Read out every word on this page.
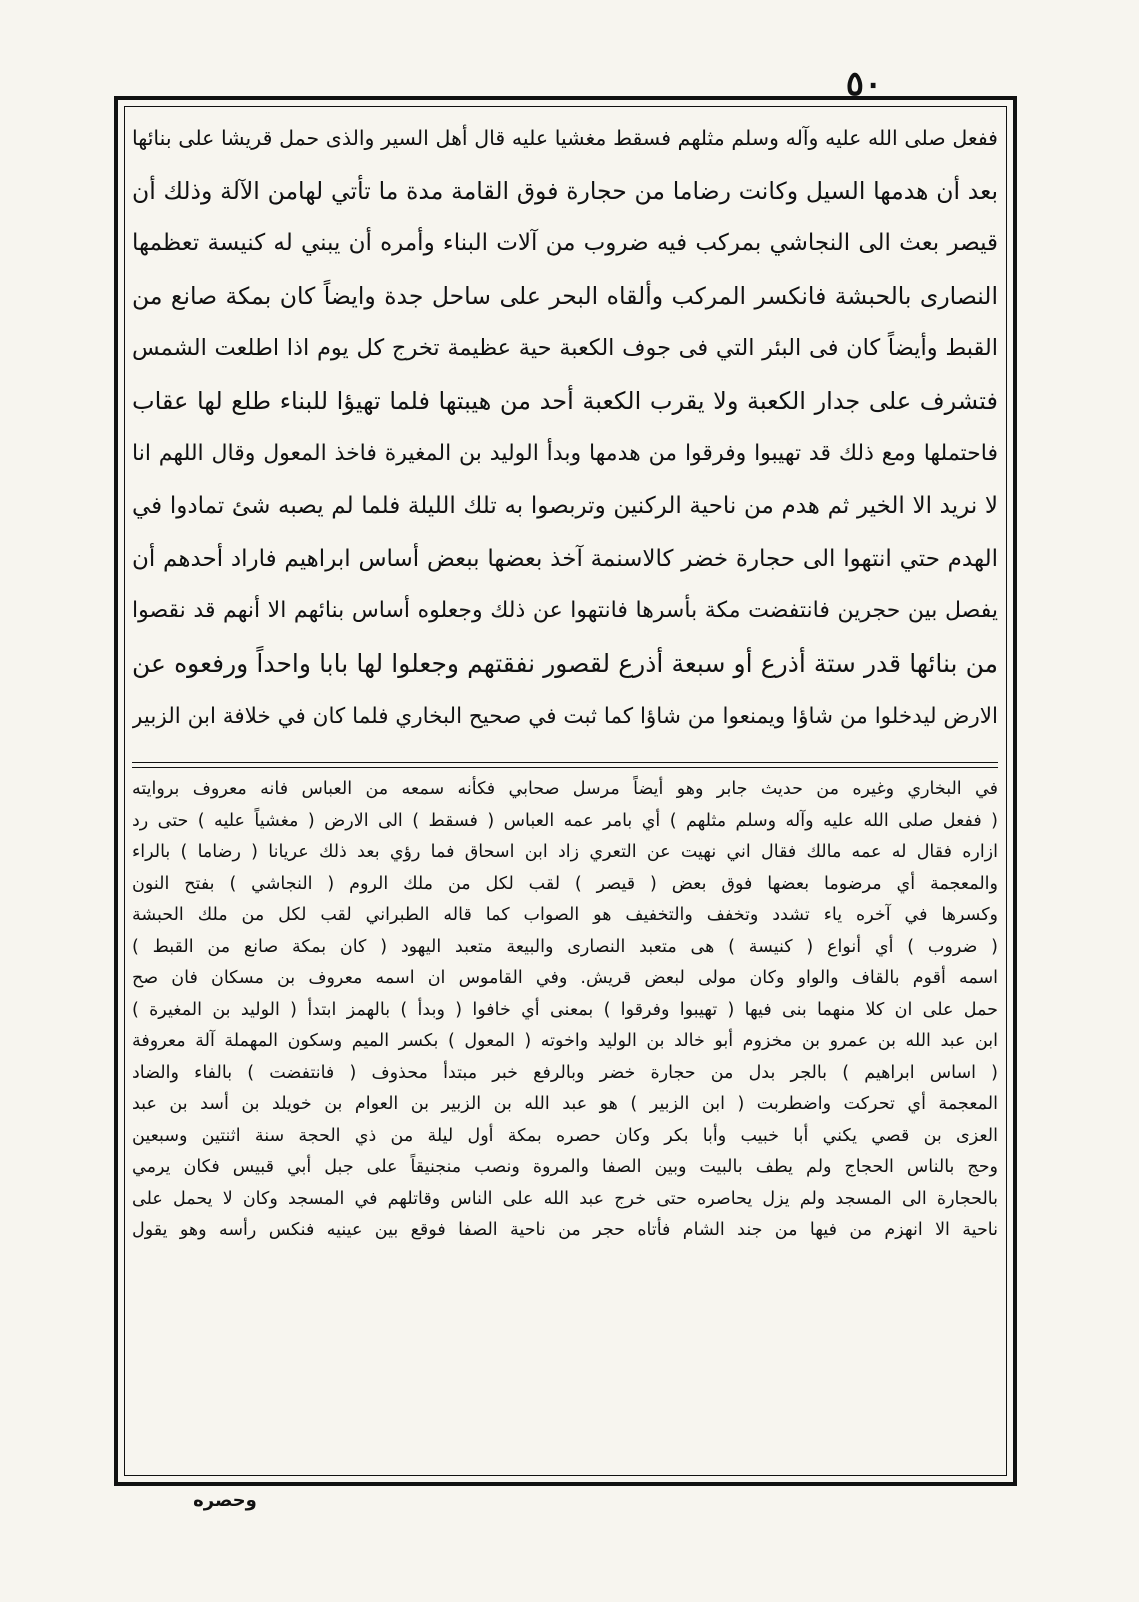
٥٠
ففعل صلى الله عليه وآله وسلم مثلهم فسقط مغشيا عليه قال أهل السير والذى حمل قريشا على بنائها
بعد أن هدمها السيل وكانت رضاما من حجارة فوق القامة مدة ما تأتي لهامن الآلة وذلك أن
قيصر بعث الى النجاشي بمركب فيه ضروب من آلات البناء وأمره أن يبني له كنيسة تعظمها
النصارى بالحبشة فانكسر المركب وألقاه البحر على ساحل جدة وايضاً كان بمكة صانع من
القبط وأيضاً كان فى البئر التي فى جوف الكعبة حية عظيمة تخرج كل يوم اذا اطلعت الشمس
فتشرف على جدار الكعبة ولا يقرب الكعبة أحد من هيبتها فلما تهيؤا للبناء طلع لها عقاب
فاحتملها ومع ذلك قد تهيبوا وفرقوا من هدمها وبدأ الوليد بن المغيرة فاخذ المعول وقال اللهم انا
لا نريد الا الخير ثم هدم من ناحية الركنين وتربصوا به تلك الليلة فلما لم يصبه شئ تمادوا في
الهدم حتي انتهوا الى حجارة خضر كالاسنمة آخذ بعضها ببعض أساس ابراهيم فاراد أحدهم أن
يفصل بين حجرين فانتفضت مكة بأسرها فانتهوا عن ذلك وجعلوه أساس بنائهم الا أنهم قد نقصوا
من بنائها قدر ستة أذرع أو سبعة أذرع لقصور نفقتهم وجعلوا لها بابا واحداً ورفعوه عن
الارض ليدخلوا من شاؤا ويمنعوا من شاؤا كما ثبت في صحيح البخاري فلما كان في خلافة ابن الزبير
في البخاري وغيره من حديث جابر وهو أيضاً مرسل صحابي فكأنه سمعه من العباس فانه معروف بروايته
( ففعل صلى الله عليه وآله وسلم مثلهم ) أي بامر عمه العباس ( فسقط ) الى الارض ( مغشياً عليه ) حتى رد
ازاره فقال له عمه مالك فقال اني نهيت عن التعري زاد ابن اسحاق فما رؤي بعد ذلك عريانا ( رضاما ) بالراء
والمعجمة أي مرضوما بعضها فوق بعض ( قيصر ) لقب لكل من ملك الروم ( النجاشي ) بفتح النون
وكسرها في آخره ياء تشدد وتخفف والتخفيف هو الصواب كما قاله الطبراني لقب لكل من ملك الحبشة
( ضروب ) أي أنواع ( كنيسة ) هى متعبد النصارى والبيعة متعبد اليهود ( كان بمكة صانع من القبط )
اسمه أقوم بالقاف والواو وكان مولى لبعض قريش. وفي القاموس ان اسمه معروف بن مسكان فان صح
حمل على ان كلا منهما بنى فيها ( تهيبوا وفرقوا ) بمعنى أي خافوا ( وبدأ ) بالهمز ابتدأ ( الوليد بن المغيرة )
ابن عبد الله بن عمرو بن مخزوم أبو خالد بن الوليد واخوته ( المعول ) بكسر الميم وسكون المهملة آلة معروفة
( اساس ابراهيم ) بالجر بدل من حجارة خضر وبالرفع خبر مبتدأ محذوف ( فانتفضت ) بالفاء والضاد
المعجمة أي تحركت واضطربت ( ابن الزبير ) هو عبد الله بن الزبير بن العوام بن خويلد بن أسد بن عبد
العزى بن قصي يكني أبا خبيب وأبا بكر وكان حصره بمكة أول ليلة من ذي الحجة سنة اثنتين وسبعين
وحج بالناس الحجاج ولم يطف بالبيت وبين الصفا والمروة ونصب منجنيقاً على جبل أبي قبيس فكان يرمي
بالحجارة الى المسجد ولم يزل يحاصره حتى خرج عبد الله على الناس وقاتلهم في المسجد وكان لا يحمل على
ناحية الا انهزم من فيها من جند الشام فأتاه حجر من ناحية الصفا فوقع بين عينيه فنكس رأسه وهو يقول
وحصره
